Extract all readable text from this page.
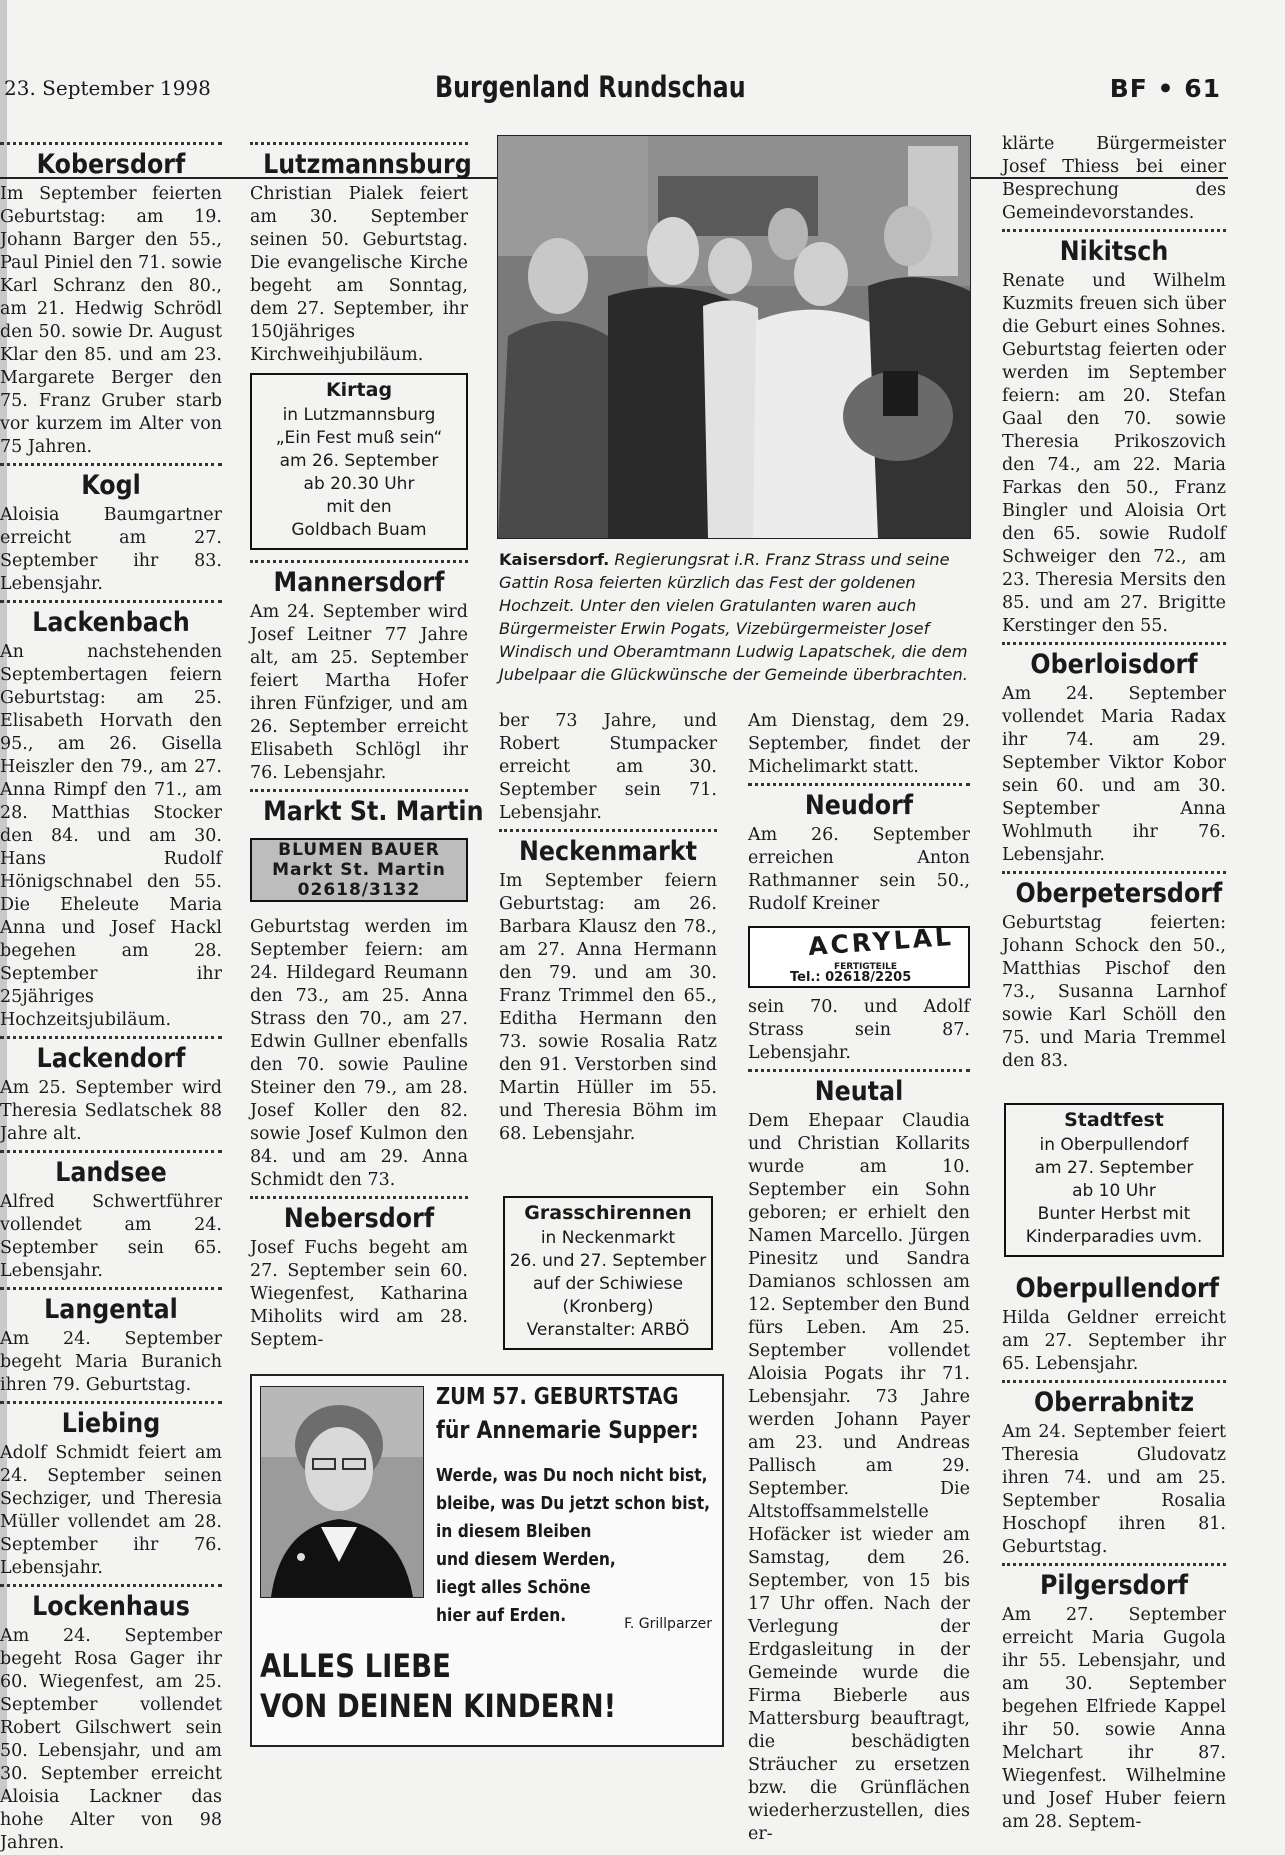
23. September 1998	Burgenland Rundschau	BF • 61
Kobersdorf

Im September feierten Geburtstag: am 19. Johann Barger den 55., Paul Piniel den 71. sowie Karl Schranz den 80., am 21. Hedwig Schrödl den 50. sowie Dr. August Klar den 85. und am 23. Margarete Berger den 75. Franz Gruber starb vor kurzem im Alter von 75 Jahren.

Kogl

Aloisia Baumgartner erreicht am 27. September ihr 83. Lebensjahr.

Lackenbach

An nachstehenden Septembertagen feiern Geburtstag: am 25. Elisabeth Horvath den 95., am 26. Gisella Heiszler den 79., am 27. Anna Rimpf den 71., am 28. Matthias Stocker den 84. und am 30. Hans Rudolf Hönigschnabel den 55. Die Eheleute Maria Anna und Josef Hackl begehen am 28. September ihr 25jähriges Hochzeitsjubiläum.

Lackendorf

Am 25. September wird Theresia Sedlatschek 88 Jahre alt.

Landsee

Alfred Schwertführer vollendet am 24. September sein 65. Lebensjahr.

Langental

Am 24. September begeht Maria Buranich ihren 79. Geburtstag.

Liebing

Adolf Schmidt feiert am 24. September seinen Sechziger, und Theresia Müller vollendet am 28. September ihr 76. Lebensjahr.

Lockenhaus

Am 24. September begeht Rosa Gager ihr 60. Wiegenfest, am 25. September vollendet Robert Gilschwert sein 50. Lebensjahr, und am 30. September erreicht Aloisia Lackner das hohe Alter von 98 Jahren.

Lutzmannsburg

Christian Pialek feiert am 30. September seinen 50. Geburtstag. Die evangelische Kirche begeht am Sonntag, dem 27. September, ihr 150jähriges Kirchweihjubiläum.

Kirtag
in Lutzmannsburg
„Ein Fest muß sein“
am 26. September
ab 20.30 Uhr
mit den
Goldbach Buam
Mannersdorf

Am 24. September wird Josef Leitner 77 Jahre alt, am 25. September feiert Martha Hofer ihren Fünfziger, und am 26. September erreicht Elisabeth Schlögl ihr 76. Lebensjahr.

Markt St. Martin
BLUMEN BAUER
Markt St. Martin
02618/3132

Geburtstag werden im September feiern: am 24. Hildegard Reumann den 73., am 25. Anna Strass den 70., am 27. Edwin Gullner ebenfalls den 70. sowie Pauline Steiner den 79., am 28. Josef Koller den 82. sowie Josef Kulmon den 84. und am 29. Anna Schmidt den 73.

Nebersdorf

Josef Fuchs begeht am 27. September sein 60. Wiegenfest, Katharina Miholits wird am 28. Septem-

Kaisersdorf. Regierungsrat i.R. Franz Strass und seine Gattin Rosa feierten kürzlich das Fest der goldenen Hochzeit. Unter den vielen Gratulanten waren auch Bürgermeister Erwin Pogats, Vizebürgermeister Josef Windisch und Oberamtmann Ludwig Lapatschek, die dem Jubelpaar die Glückwünsche der Gemeinde überbrachten.

ber 73 Jahre, und Robert Stumpacker erreicht am 30. September sein 71. Lebensjahr.

Neckenmarkt

Im September feiern Geburtstag: am 26. Barbara Klausz den 78., am 27. Anna Hermann den 79. und am 30. Franz Trimmel den 65., Editha Hermann den 73. sowie Rosalia Ratz den 91. Verstorben sind Martin Hüller im 55. und Theresia Böhm im 68. Lebensjahr.

Grasschirennen
in Neckenmarkt
26. und 27. September
auf der Schiwiese
(Kronberg)
Veranstalter: ARBÖ

Am Dienstag, dem 29. September, findet der Michelimarkt statt.

Neudorf

Am 26. September erreichen Anton Rathmanner sein 50., Rudolf Kreiner

ACRYLAL
FERTIGTEILE
Tel.: 02618/2205

sein 70. und Adolf Strass sein 87. Lebensjahr.

Neutal

Dem Ehepaar Claudia und Christian Kollarits wurde am 10. September ein Sohn geboren; er erhielt den Namen Marcello. Jürgen Pinesitz und Sandra Damianos schlossen am 12. September den Bund fürs Leben. Am 25. September vollendet Aloisia Pogats ihr 71. Lebensjahr. 73 Jahre werden Johann Payer am 23. und Andreas Pallisch am 29. September. Die Altstoffsammelstelle Hofäcker ist wieder am Samstag, dem 26. September, von 15 bis 17 Uhr offen. Nach der Verlegung der Erdgasleitung in der Gemeinde wurde die Firma Bieberle aus Mattersburg beauftragt, die beschädigten Sträucher zu ersetzen bzw. die Grünflächen wiederherzustellen, dies er-

klärte Bürgermeister Josef Thiess bei einer Besprechung des Gemeindevorstandes.

Nikitsch

Renate und Wilhelm Kuzmits freuen sich über die Geburt eines Sohnes. Geburtstag feierten oder werden im September feiern: am 20. Stefan Gaal den 70. sowie Theresia Prikoszovich den 74., am 22. Maria Farkas den 50., Franz Bingler und Aloisia Ort den 65. sowie Rudolf Schweiger den 72., am 23. Theresia Mersits den 85. und am 27. Brigitte Kerstinger den 55.

Oberloisdorf

Am 24. September vollendet Maria Radax ihr 74. am 29. September Viktor Kobor sein 60. und am 30. September Anna Wohlmuth ihr 76. Lebensjahr.

Oberpetersdorf

Geburtstag feierten: Johann Schock den 50., Matthias Pischof den 73., Susanna Larnhof sowie Karl Schöll den 75. und Maria Tremmel den 83.

Stadtfest
in Oberpullendorf
am 27. September
ab 10 Uhr
Bunter Herbst mit
Kinderparadies uvm.
Oberpullendorf

Hilda Geldner erreicht am 27. September ihr 65. Lebensjahr.

Oberrabnitz

Am 24. September feiert Theresia Gludovatz ihren 74. und am 25. September Rosalia Hoschopf ihren 81. Geburtstag.

Pilgersdorf

Am 27. September erreicht Maria Gugola ihr 55. Lebensjahr, und am 30. September begehen Elfriede Kappel ihr 50. sowie Anna Melchart ihr 87. Wiegenfest. Wilhelmine und Josef Huber feiern am 28. Septem-

ZUM 57. GEBURTSTAG
für Annemarie Supper:
Werde, was Du noch nicht bist,
bleibe, was Du jetzt schon bist,
in diesem Bleiben
und diesem Werden,
liegt alles Schöne
hier auf Erden.	F. Grillparzer
ALLES LIEBE
VON DEINEN KINDERN!
